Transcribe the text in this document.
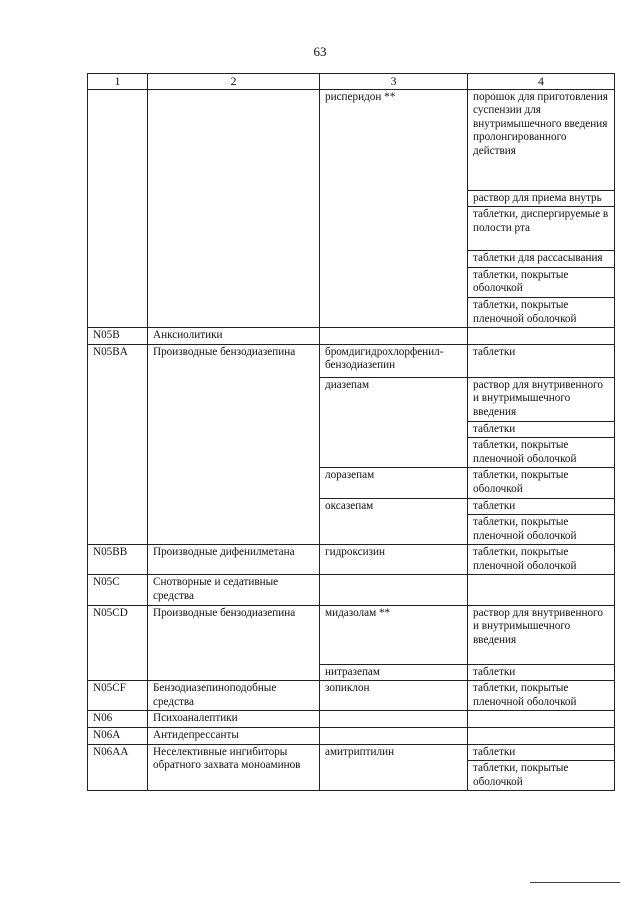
63
1	2	3	4
		рисперидон **	порошок для приготовления суспензии для внутримышечного введения пролонгированного действия
			раствор для приема внутрь
			таблетки, диспергируемые в полости рта
			таблетки для рассасывания
			таблетки, покрытые оболочкой
			таблетки, покрытые пленочной оболочкой
N05B	Анксиолитики		
N05BA	Производные бензодиазепина	бромдигидрохлорфенил-бензодиазепин	таблетки
		диазепам	раствор для внутривенного и внутримышечного введения
			таблетки
			таблетки, покрытые пленочной оболочкой
		лоразепам	таблетки, покрытые оболочкой
		оксазепам	таблетки
			таблетки, покрытые пленочной оболочкой
N05BB	Производные дифенилметана	гидроксизин	таблетки, покрытые пленочной оболочкой
N05C	Снотворные и седативные средства		
N05CD	Производные бензодиазепина	мидазолам **	раствор для внутривенного и внутримышечного введения
		нитразепам	таблетки
N05CF	Бензодиазепиноподобные средства	зопиклон	таблетки, покрытые пленочной оболочкой
N06	Психоаналептики		
N06A	Антидепрессанты		
N06AA	Неселективные ингибиторы обратного захвата моноаминов	амитриптилин	таблетки
			таблетки, покрытые оболочкой
